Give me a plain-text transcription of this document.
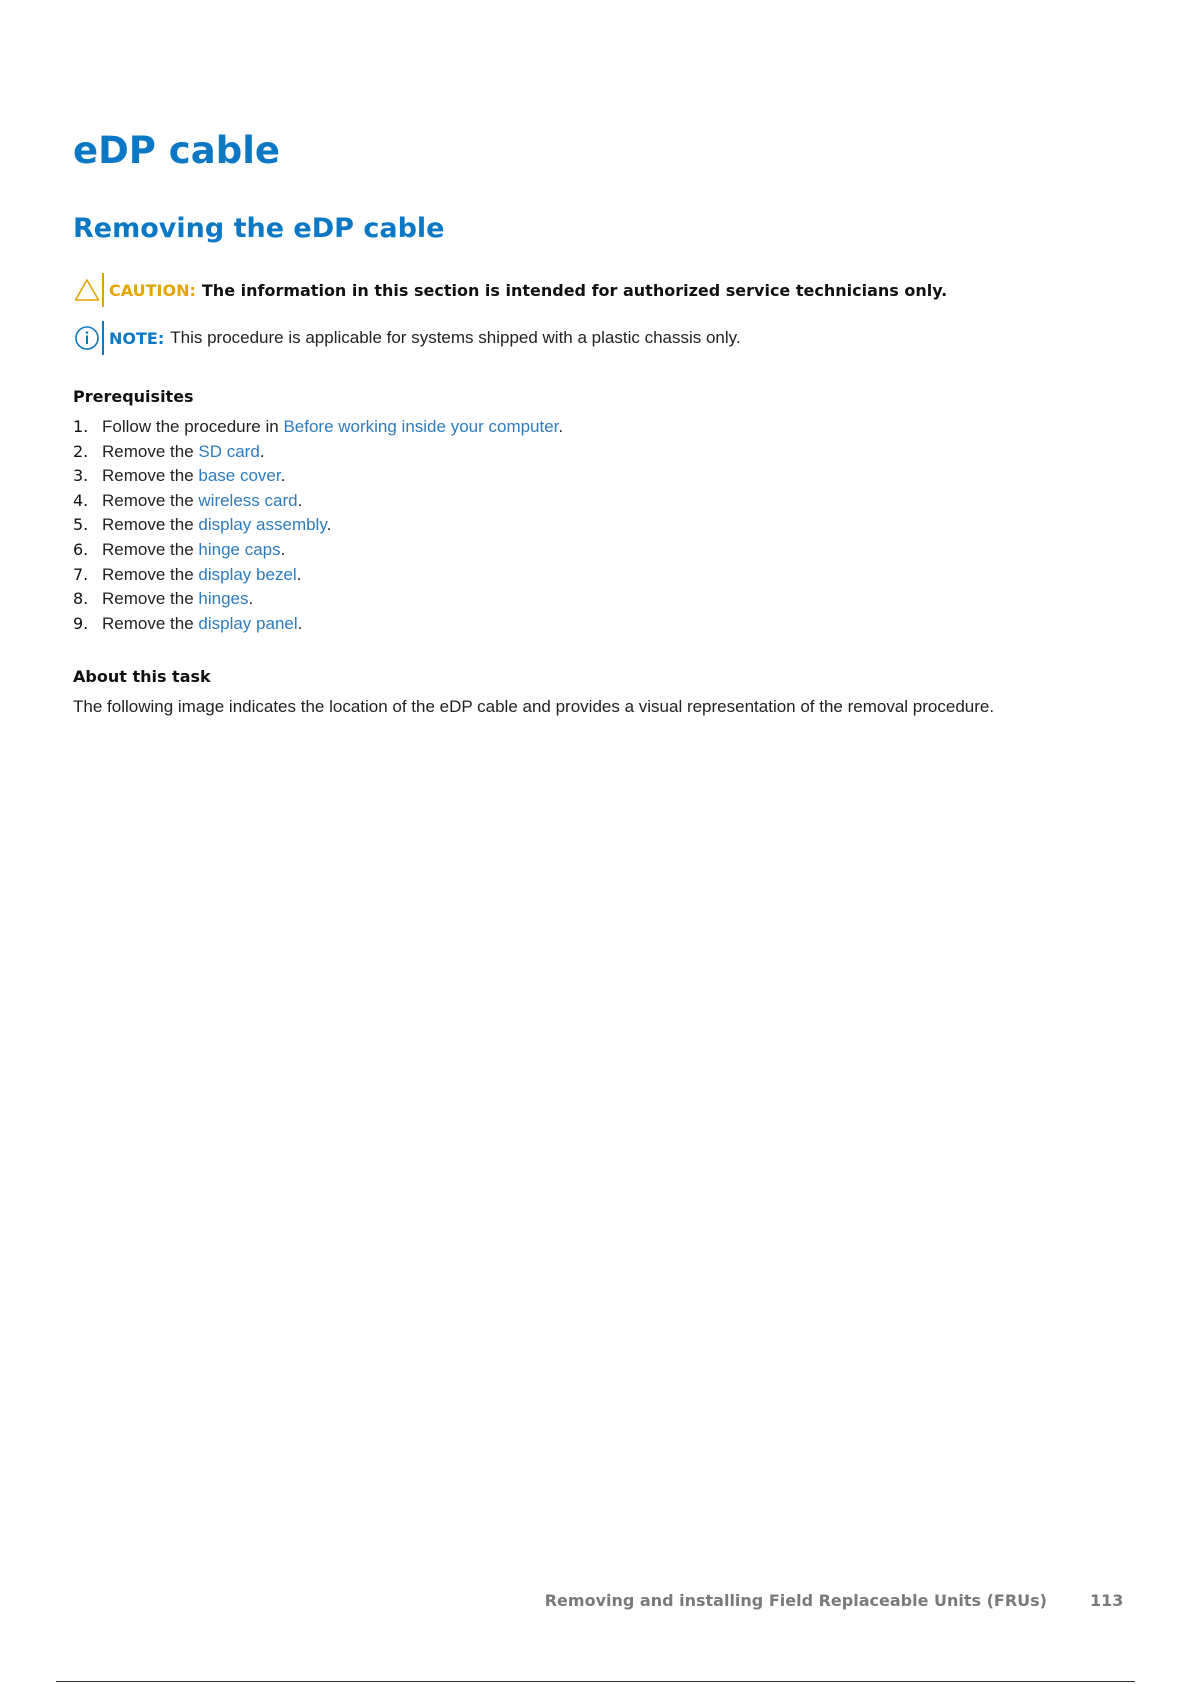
eDP cable
Removing the eDP cable
CAUTION: The information in this section is intended for authorized service technicians only.
NOTE: This procedure is applicable for systems shipped with a plastic chassis only.
Prerequisites
1. Follow the procedure in Before working inside your computer.
2. Remove the SD card.
3. Remove the base cover.
4. Remove the wireless card.
5. Remove the display assembly.
6. Remove the hinge caps.
7. Remove the display bezel.
8. Remove the hinges.
9. Remove the display panel.
About this task

The following image indicates the location of the eDP cable and provides a visual representation of the removal procedure.

Removing and installing Field Replaceable Units (FRUs)	113
